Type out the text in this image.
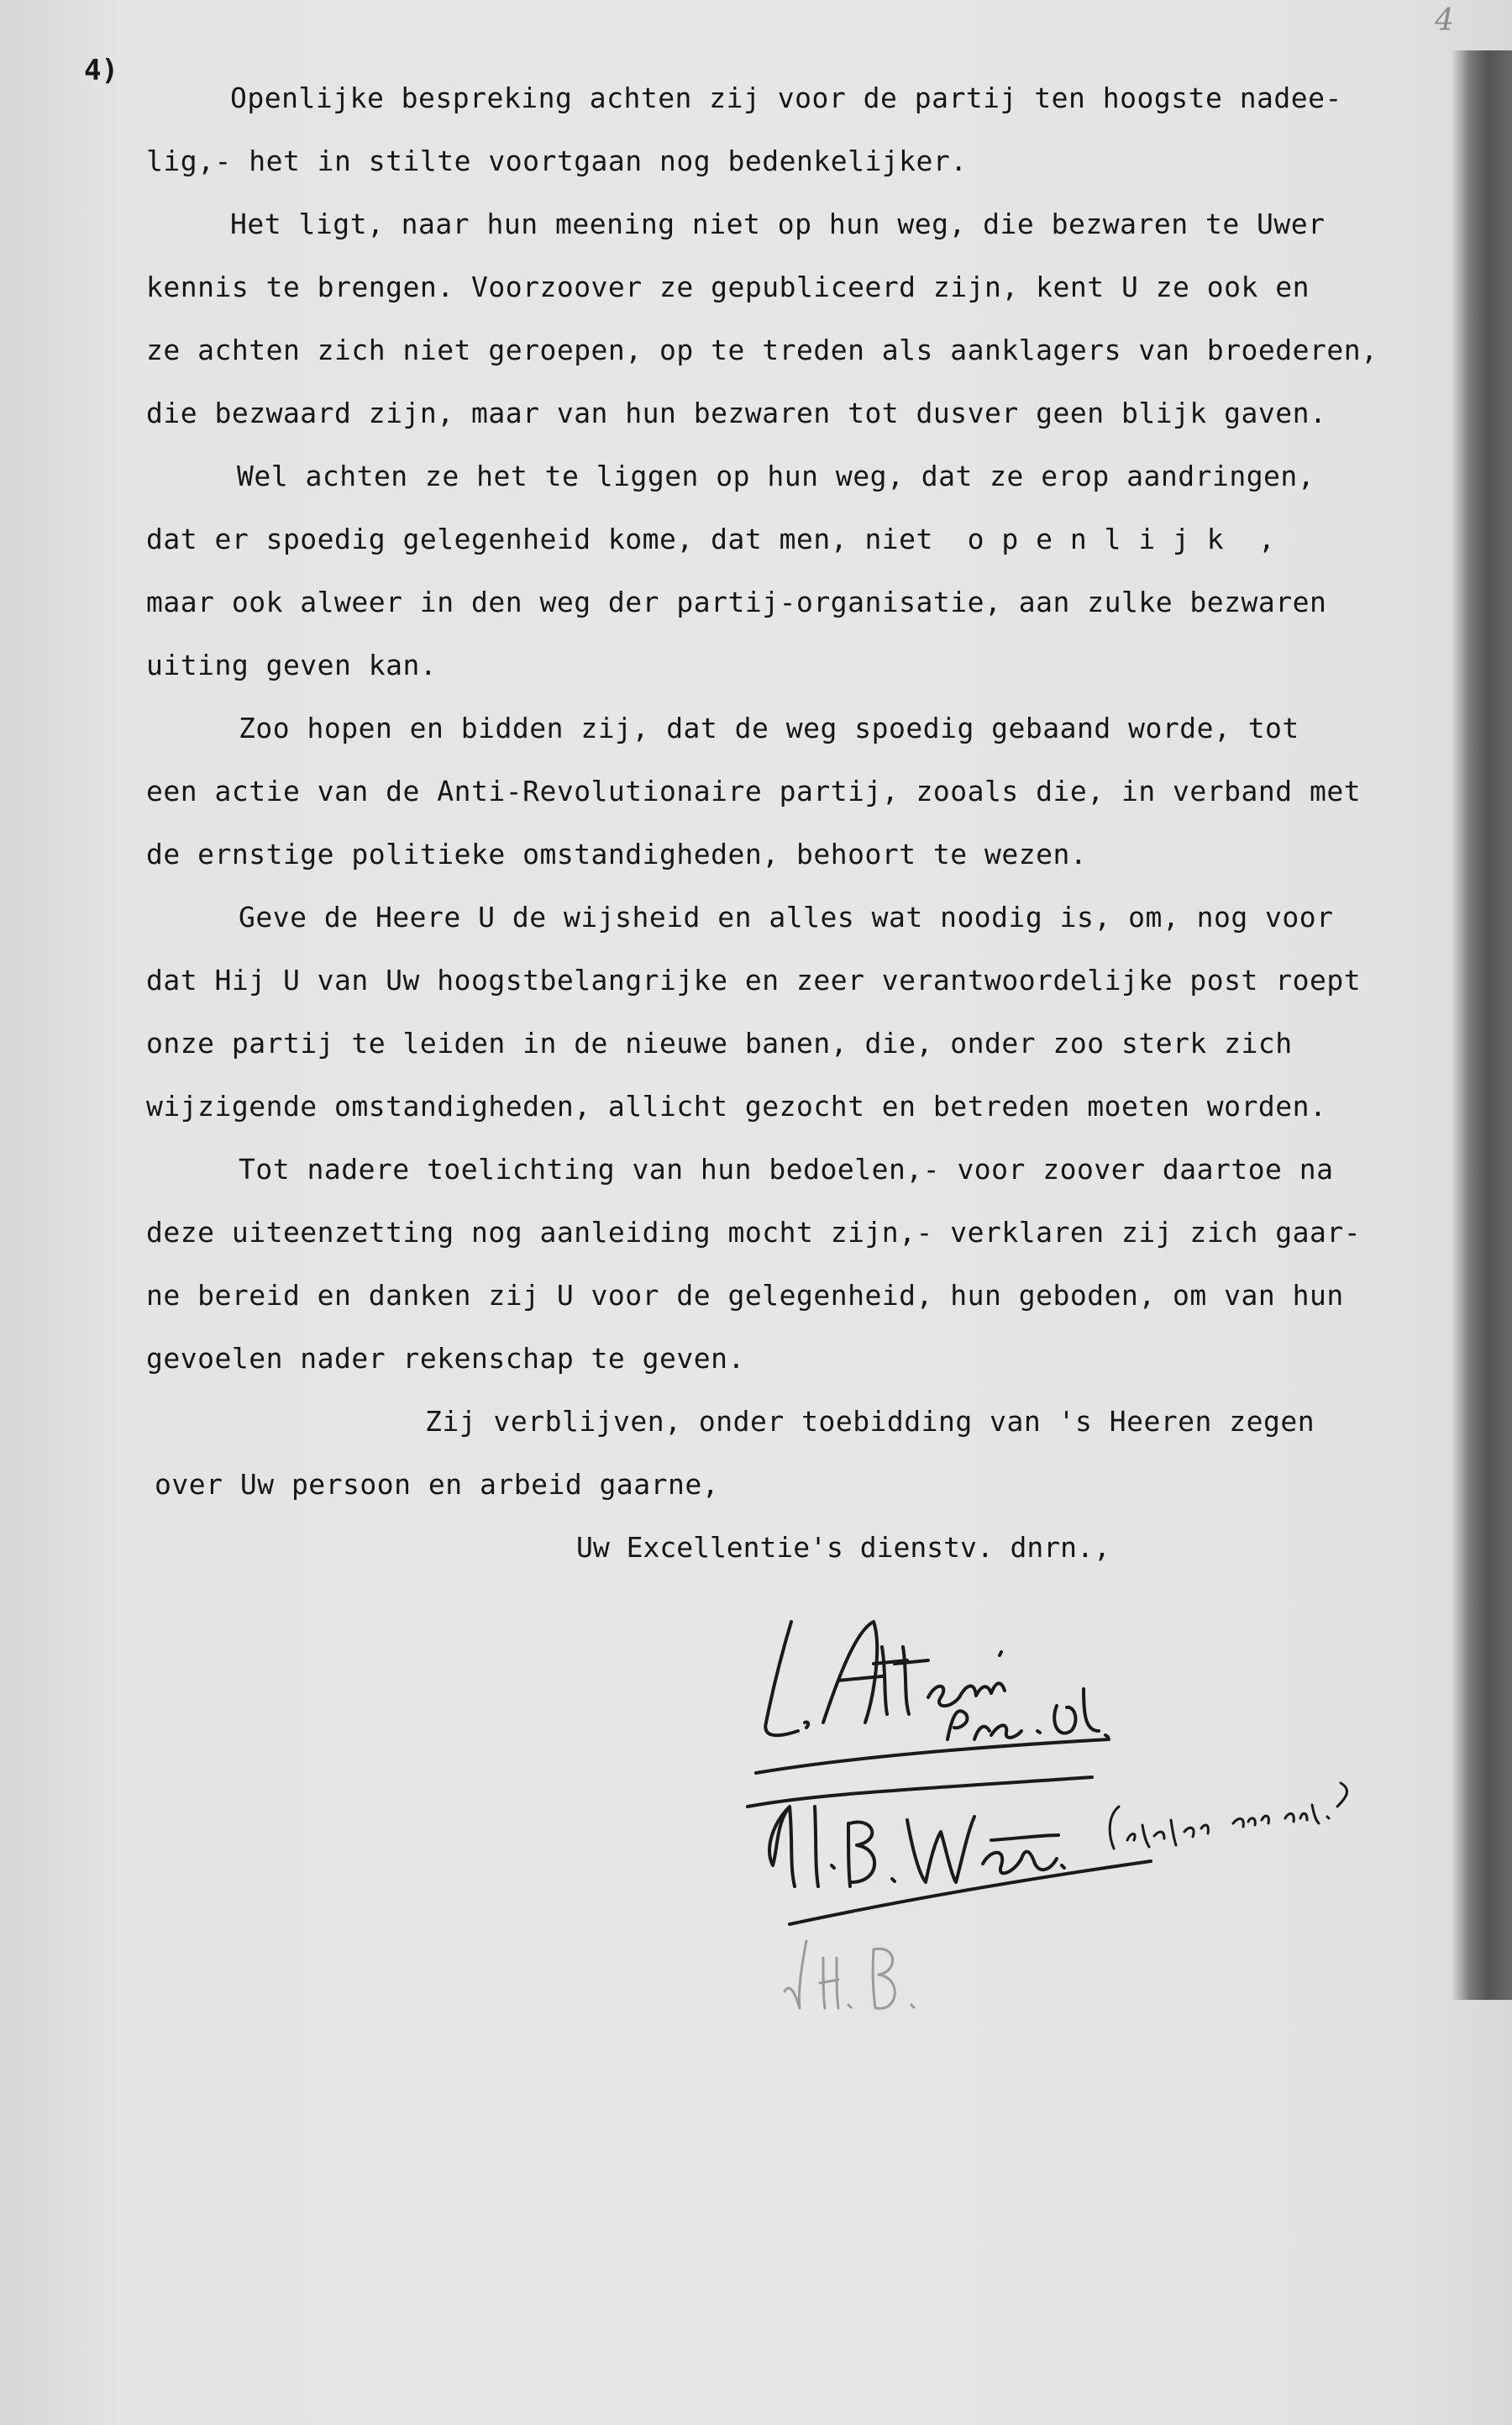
4
4)
Openlijke bespreking achten zij voor de partij ten hoogste nadee-
lig,- het in stilte voortgaan nog bedenkelijker.
Het ligt, naar hun meening niet op hun weg, die bezwaren te Uwer
kennis te brengen. Voorzoover ze gepubliceerd zijn, kent U ze ook en
ze achten zich niet geroepen, op te treden als aanklagers van broederen,
die bezwaard zijn, maar van hun bezwaren tot dusver geen blijk gaven.
Wel achten ze het te liggen op hun weg, dat ze erop aandringen,
dat er spoedig gelegenheid kome, dat men, niet  o p e n l i j k  ,
maar ook alweer in den weg der partij-organisatie, aan zulke bezwaren
uiting geven kan.
Zoo hopen en bidden zij, dat de weg spoedig gebaand worde, tot
een actie van de Anti-Revolutionaire partij, zooals die, in verband met
de ernstige politieke omstandigheden, behoort te wezen.
Geve de Heere U de wijsheid en alles wat noodig is, om, nog voor
dat Hij U van Uw hoogstbelangrijke en zeer verantwoordelijke post roept
onze partij te leiden in de nieuwe banen, die, onder zoo sterk zich
wijzigende omstandigheden, allicht gezocht en betreden moeten worden.
Tot nadere toelichting van hun bedoelen,- voor zoover daartoe na
deze uiteenzetting nog aanleiding mocht zijn,- verklaren zij zich gaar-
ne bereid en danken zij U voor de gelegenheid, hun geboden, om van hun
gevoelen nader rekenschap te geven.
Zij verblijven, onder toebidding van 's Heeren zegen
over Uw persoon en arbeid gaarne,
Uw Excellentie's dienstv. dnrn.,
